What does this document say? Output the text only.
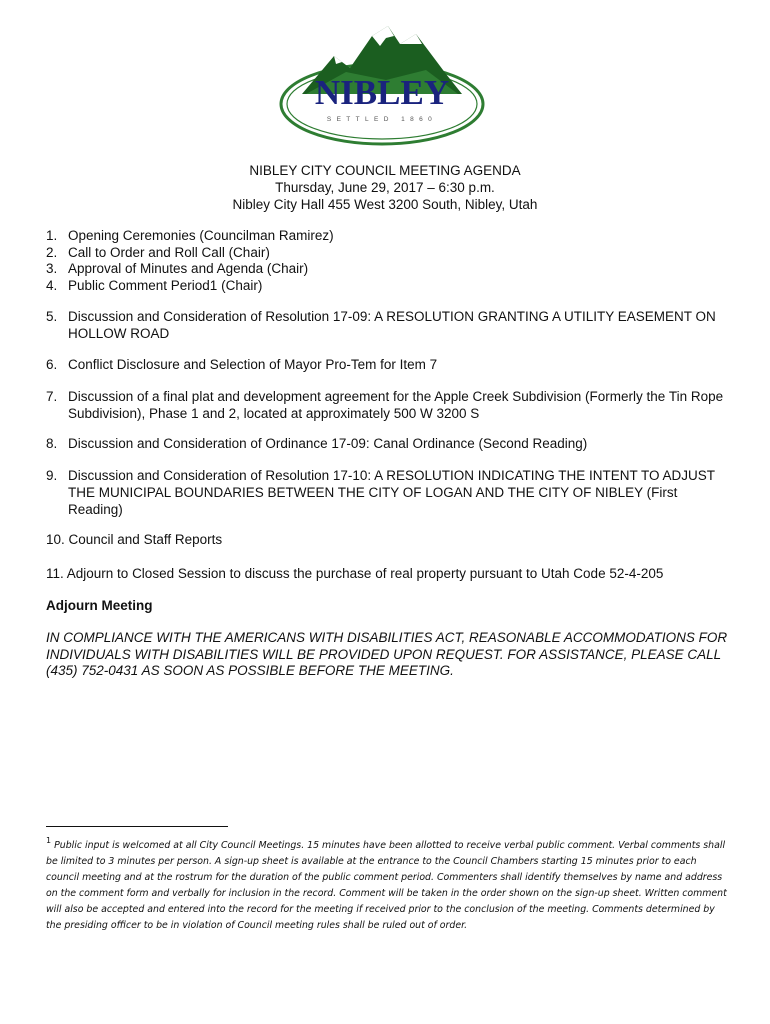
NIBLEY
SETTLED 1860
NIBLEY CITY COUNCIL MEETING AGENDA
Thursday, June 29, 2017 – 6:30 p.m.
Nibley City Hall 455 West 3200 South, Nibley, Utah
1. Opening Ceremonies (Councilman Ramirez)
2. Call to Order and Roll Call (Chair)
3. Approval of Minutes and Agenda (Chair)
4. Public Comment Period1 (Chair)
5. Discussion and Consideration of Resolution 17-09: A RESOLUTION GRANTING A UTILITY EASEMENT ON HOLLOW ROAD
6. Conflict Disclosure and Selection of Mayor Pro-Tem for Item 7
7. Discussion of a final plat and development agreement for the Apple Creek Subdivision (Formerly the Tin Rope Subdivision), Phase 1 and 2, located at approximately 500 W 3200 S
8. Discussion and Consideration of Ordinance 17-09: Canal Ordinance (Second Reading)
9. Discussion and Consideration of Resolution 17-10: A RESOLUTION INDICATING THE INTENT TO ADJUST THE MUNICIPAL BOUNDARIES BETWEEN THE CITY OF LOGAN AND THE CITY OF NIBLEY (First Reading)
10. Council and Staff Reports
11. Adjourn to Closed Session to discuss the purchase of real property pursuant to Utah Code 52-4-205
Adjourn Meeting
IN COMPLIANCE WITH THE AMERICANS WITH DISABILITIES ACT, REASONABLE ACCOMMODATIONS FOR INDIVIDUALS WITH DISABILITIES WILL BE PROVIDED UPON REQUEST. FOR ASSISTANCE, PLEASE CALL (435) 752-0431 AS SOON AS POSSIBLE BEFORE THE MEETING.
$^1$ Public input is welcomed at all City Council Meetings. 15 minutes have been allotted to receive verbal public comment. Verbal comments shall be limited to 3 minutes per person. A sign-up sheet is available at the entrance to the Council Chambers starting 15 minutes prior to each council meeting and at the rostrum for the duration of the public comment period. Commenters shall identify themselves by name and address on the comment form and verbally for inclusion in the record. Comment will be taken in the order shown on the sign-up sheet. Written comment will also be accepted and entered into the record for the meeting if received prior to the conclusion of the meeting. Comments determined by the presiding officer to be in violation of Council meeting rules shall be ruled out of order.
